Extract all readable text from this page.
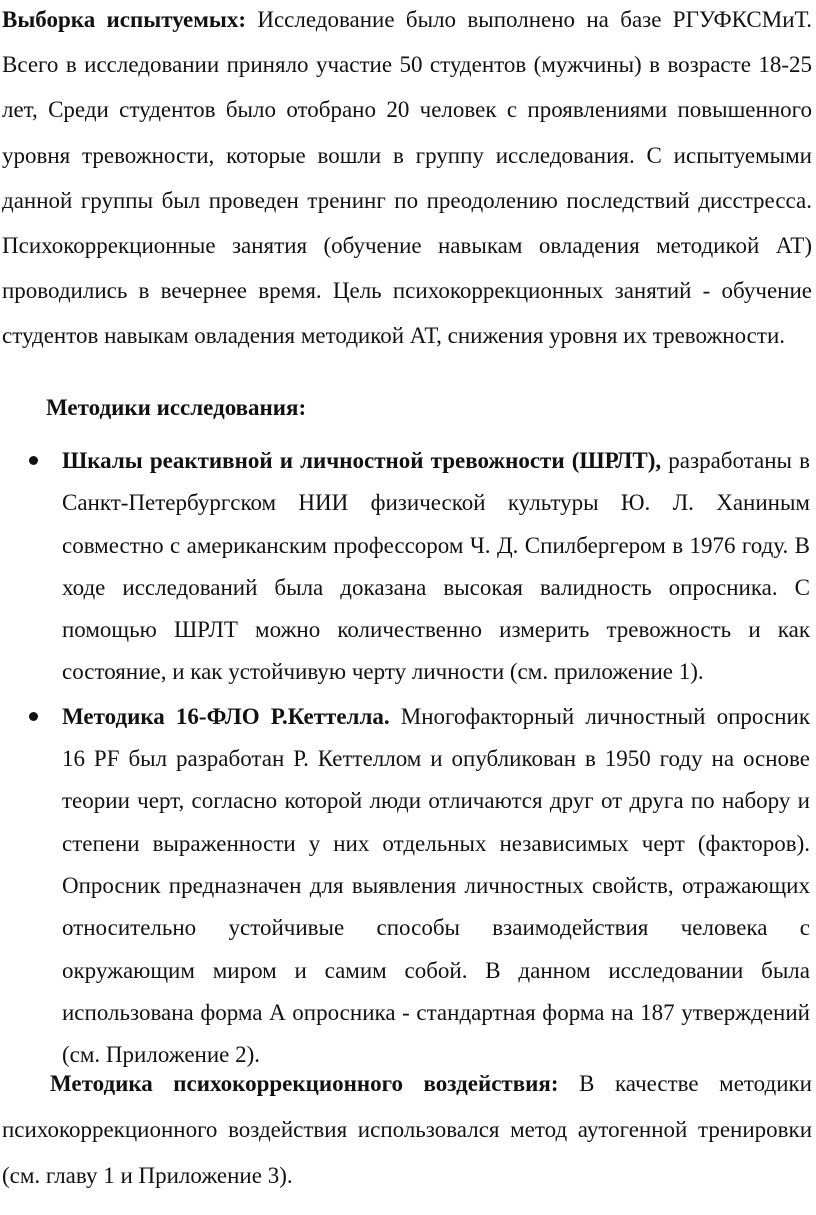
Выборка испытуемых: Исследование было выполнено на базе РГУФКСМиТ. Всего в исследовании приняло участие 50 студентов (мужчины) в возрасте 18-25 лет, Среди студентов было отобрано 20 человек с проявлениями повышенного уровня тревожности, которые вошли в группу исследования. С испытуемыми данной группы был проведен тренинг по преодолению последствий дисстресса. Психокоррекционные занятия (обучение навыкам овладения методикой АТ) проводились в вечернее время. Цель психокоррекционных занятий - обучение студентов навыкам овладения методикой АТ, снижения уровня их тревожности.

Методики исследования:

Шкалы реактивной и личностной тревожности (ШРЛТ), разработаны в Санкт-Петербургском НИИ физической культуры Ю. Л. Ханиным совместно с американским профессором Ч. Д. Спилбергером в 1976 году. В ходе исследований была доказана высокая валидность опросника. С помощью ШРЛТ можно количественно измерить тревожность и как состояние, и как устойчивую черту личности (см. приложение 1).
Методика 16-ФЛО Р.Кеттелла. Многофакторный личностный опросник 16 PF был разработан Р. Кеттеллом и опубликован в 1950 году на основе теории черт, согласно которой люди отличаются друг от друга по набору и степени выраженности у них отдельных независимых черт (факторов). Опросник предназначен для выявления личностных свойств, отражающих относительно устойчивые способы взаимодействия человека с окружающим миром и самим собой. В данном исследовании была использована форма А опросника - стандартная форма на 187 утверждений (см. Приложение 2).

Методика психокоррекционного воздействия: В качестве методики психокоррекционного воздействия использовался метод аутогенной тренировки (см. главу 1 и Приложение 3).
